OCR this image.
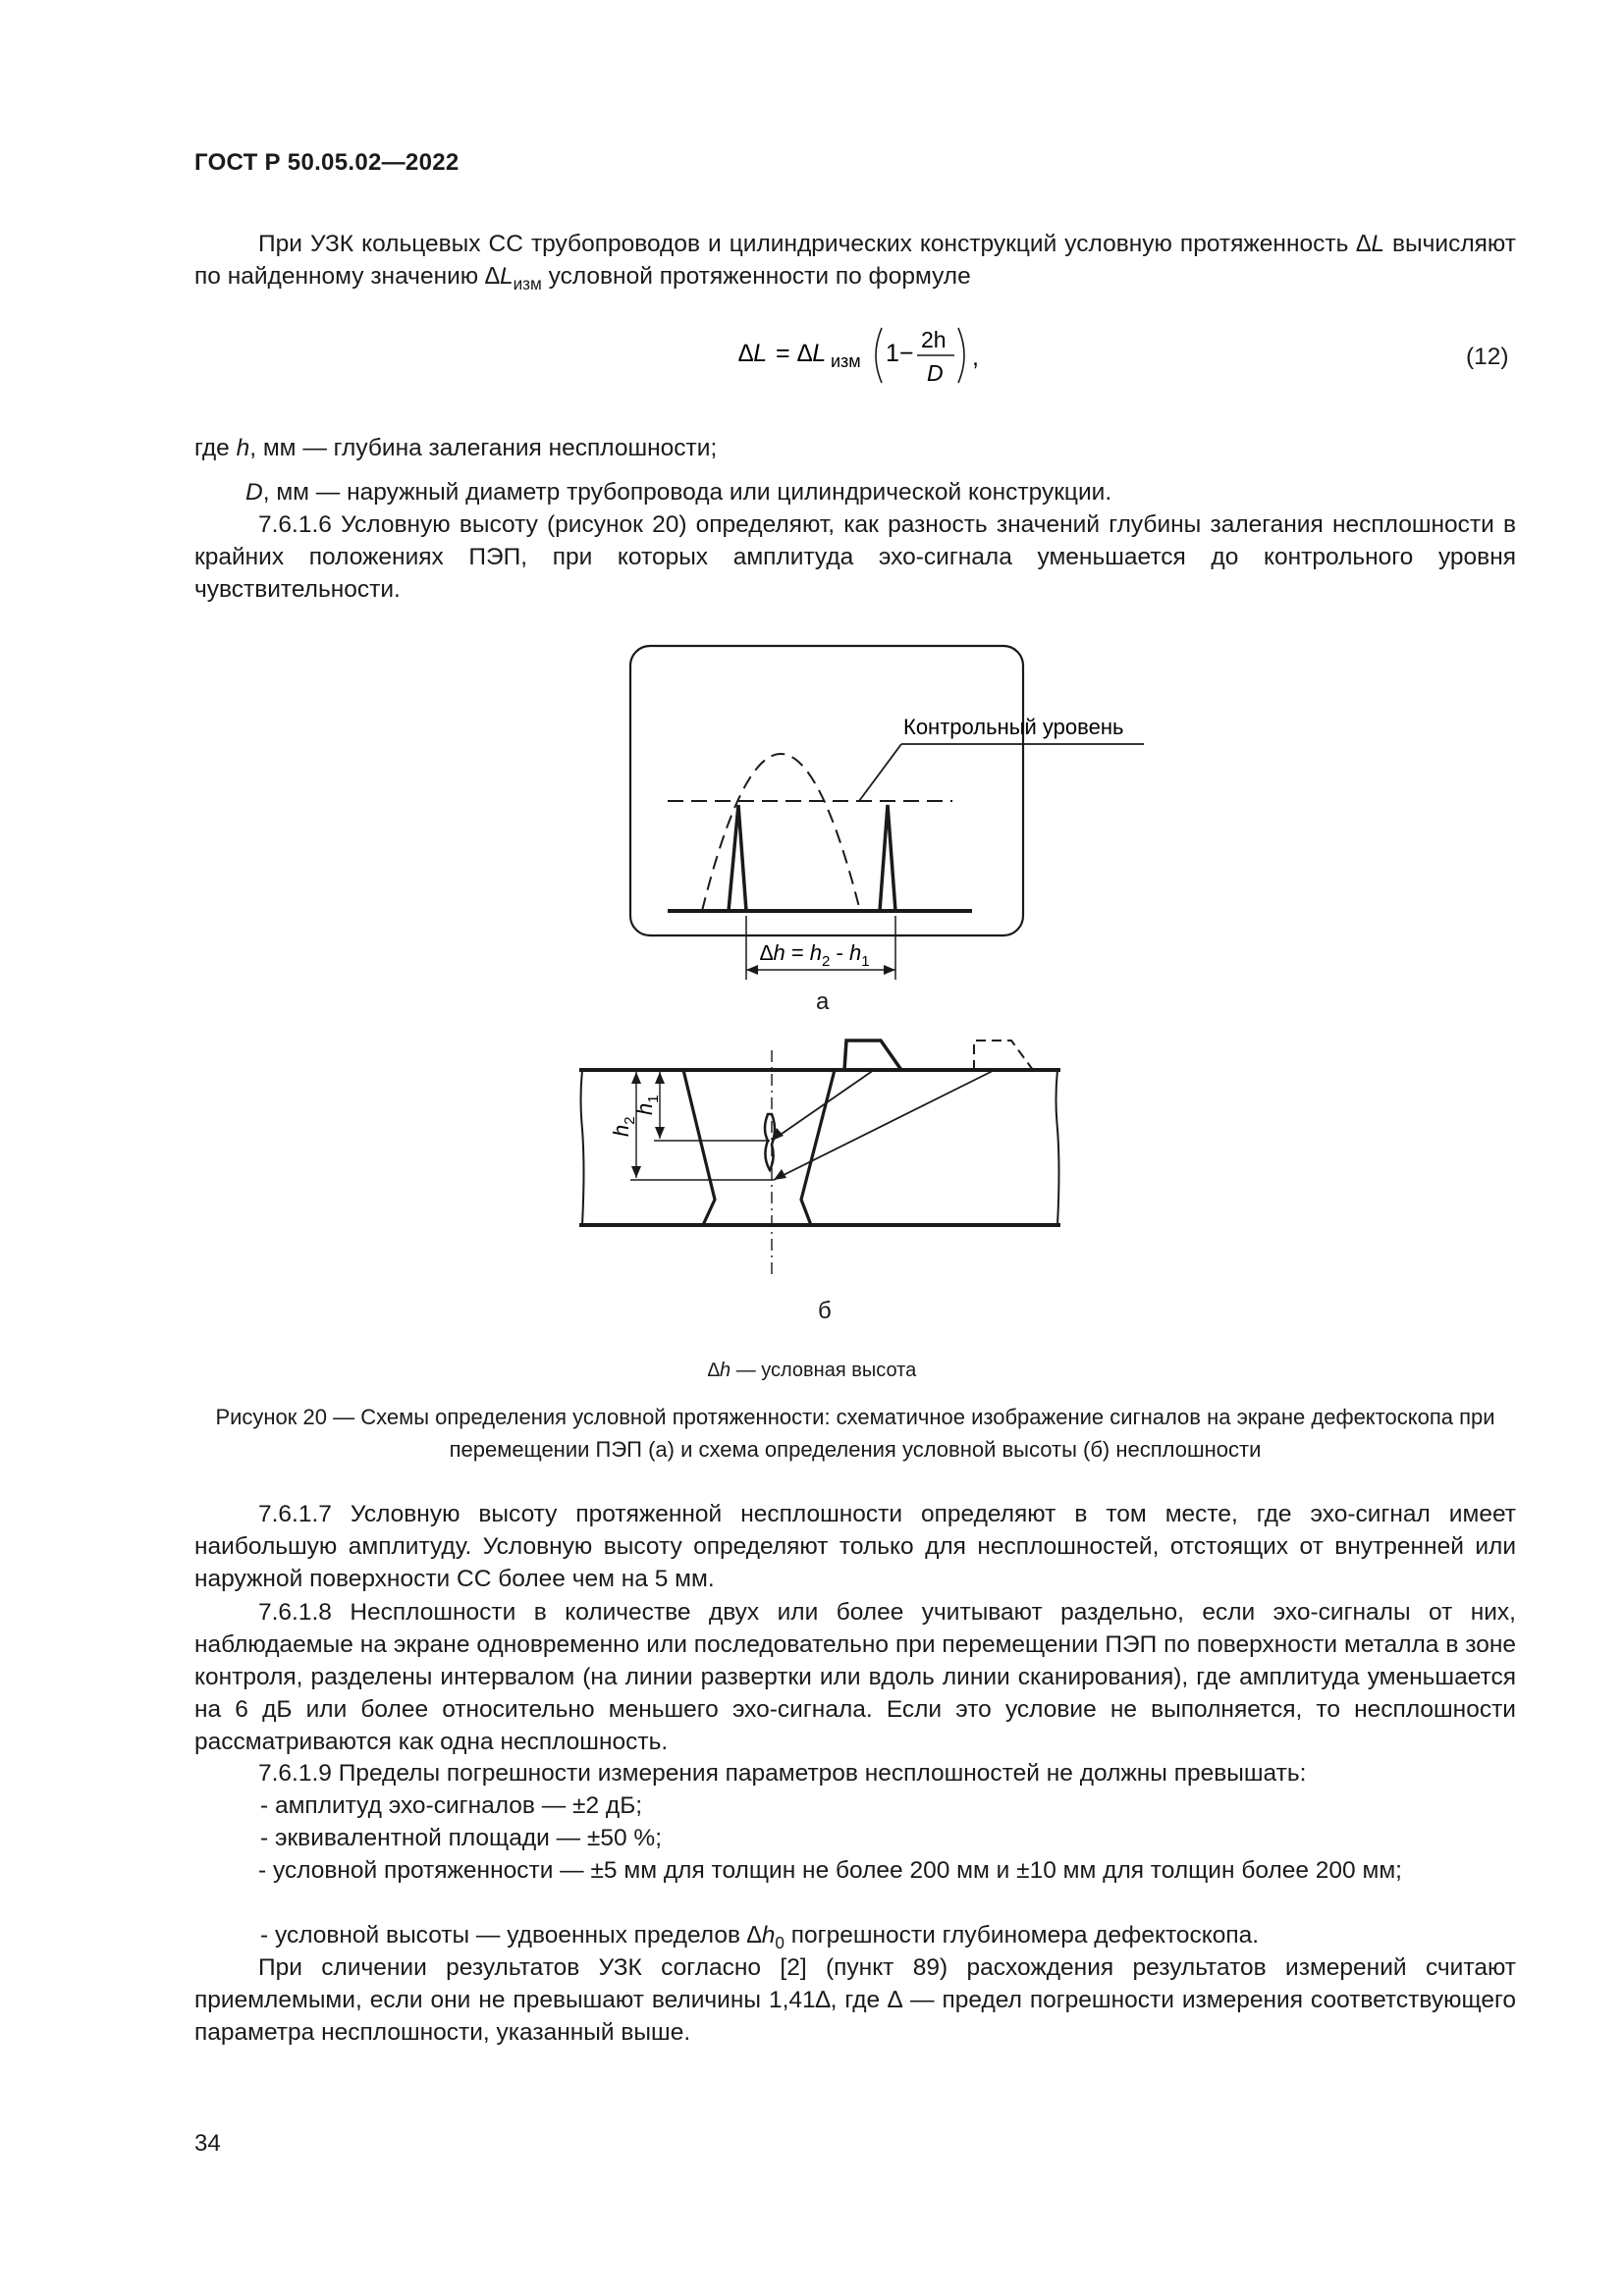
ГОСТ Р 50.05.02—2022
При УЗК кольцевых СС трубопроводов и цилиндрических конструкций условную протяженность ∆L вычисляют по найденному значению $\Delta L_{изм}$ условной протяженности по формуле
∆L = ∆L изм 1− 2h
D
,	(12)
где h, мм — глубина залегания несплошности;
D, мм — наружный диаметр трубопровода или цилиндрической конструкции.
7.6.1.6 Условную высоту (рисунок 20) определяют, как разность значений глубины залегания несплошности в крайних положениях ПЭП, при которых амплитуда эхо-сигнала уменьшается до контрольного уровня чувствительности.
Контрольный уровень
$\Delta h = h_2 - h_1$
а
$h_1$
$h_2$
б
∆h — условная высота
Рисунок 20 — Схемы определения условной протяженности: схематичное изображение сигналов на экране дефектоскопа при перемещении ПЭП (а) и схема определения условной высоты (б) несплошности
7.6.1.7 Условную высоту протяженной несплошности определяют в том месте, где эхо-сигнал имеет наибольшую амплитуду. Условную высоту определяют только для несплошностей, отстоящих от внутренней или наружной поверхности СС более чем на 5 мм.
7.6.1.8 Несплошности в количестве двух или более учитывают раздельно, если эхо-сигналы от них, наблюдаемые на экране одновременно или последовательно при перемещении ПЭП по поверхности металла в зоне контроля, разделены интервалом (на линии развертки или вдоль линии сканирования), где амплитуда уменьшается на 6 дБ или более относительно меньшего эхо-сигнала. Если это условие не выполняется, то несплошности рассматриваются как одна несплошность.
7.6.1.9 Пределы погрешности измерения параметров несплошностей не должны превышать:
- амплитуд эхо-сигналов — ±2 дБ;
- эквивалентной площади — ±50 %;
- условной протяженности — ±5 мм для толщин не более 200 мм и ±10 мм для толщин более 200 мм;
- условной высоты — удвоенных пределов $\Delta h_0$ погрешности глубиномера дефектоскопа.
При сличении результатов УЗК согласно [2] (пункт 89) расхождения результатов измерений считают приемлемыми, если они не превышают величины 1,41∆, где ∆ — предел погрешности измерения соответствующего параметра несплошности, указанный выше.
34
